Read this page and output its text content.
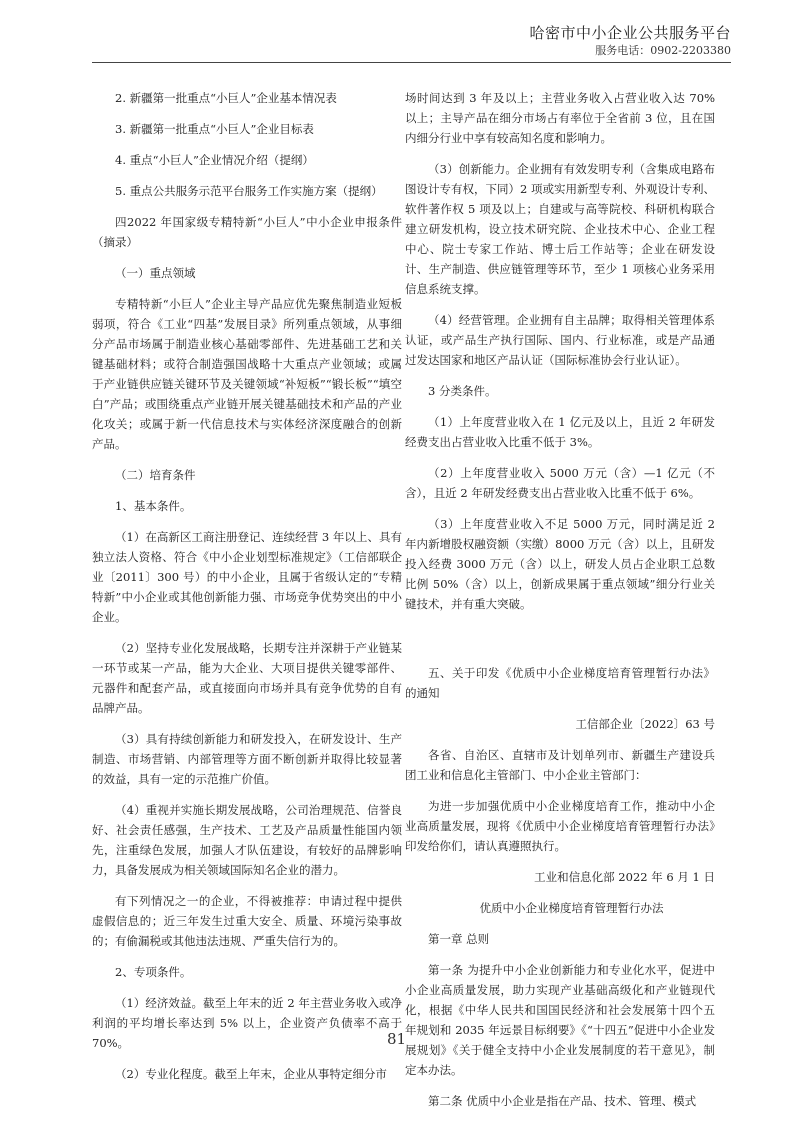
哈密市中小企业公共服务平台
服务电话：0902-2203380

2. 新疆第一批重点“小巨人”企业基本情况表

3. 新疆第一批重点“小巨人”企业目标表

4. 重点“小巨人”企业情况介绍（提纲）

5. 重点公共服务示范平台服务工作实施方案（提纲）

四2022 年国家级专精特新“小巨人”中小企业申报条件（摘录）

（一）重点领域

专精特新“小巨人”企业主导产品应优先聚焦制造业短板弱项，符合《工业“四基”发展目录》所列重点领域，从事细分产品市场属于制造业核心基础零部件、先进基础工艺和关键基础材料；或符合制造强国战略十大重点产业领域；或属于产业链供应链关键环节及关键领域“补短板”“锻长板”“填空白”产品；或围绕重点产业链开展关键基础技术和产品的产业化攻关；或属于新一代信息技术与实体经济深度融合的创新产品。

（二）培育条件

1、基本条件。

（1）在高新区工商注册登记、连续经营 3 年以上、具有独立法人资格、符合《中小企业划型标准规定》（工信部联企业〔2011〕300 号）的中小企业，且属于省级认定的“专精特新”中小企业或其他创新能力强、市场竞争优势突出的中小企业。

（2）坚持专业化发展战略，长期专注并深耕于产业链某一环节或某一产品，能为大企业、大项目提供关键零部件、元器件和配套产品，或直接面向市场并具有竞争优势的自有品牌产品。

（3）具有持续创新能力和研发投入，在研发设计、生产制造、市场营销、内部管理等方面不断创新并取得比较显著的效益，具有一定的示范推广价值。

（4）重视并实施长期发展战略，公司治理规范、信誉良好、社会责任感强，生产技术、工艺及产品质量性能国内领先，注重绿色发展，加强人才队伍建设，有较好的品牌影响力，具备发展成为相关领域国际知名企业的潜力。

有下列情况之一的企业，不得被推荐：申请过程中提供虚假信息的；近三年发生过重大安全、质量、环境污染事故的；有偷漏税或其他违法违规、严重失信行为的。

2、专项条件。

（1）经济效益。截至上年末的近 2 年主营业务收入或净利润的平均增长率达到 5% 以上，企业资产负债率不高于 70%。

（2）专业化程度。截至上年末，企业从事特定细分市

场时间达到 3 年及以上；主营业务收入占营业收入达 70% 以上；主导产品在细分市场占有率位于全省前 3 位，且在国内细分行业中享有较高知名度和影响力。

（3）创新能力。企业拥有有效发明专利（含集成电路布图设计专有权，下同）2 项或实用新型专利、外观设计专利、软件著作权 5 项及以上；自建或与高等院校、科研机构联合建立研发机构，设立技术研究院、企业技术中心、企业工程中心、院士专家工作站、博士后工作站等；企业在研发设计、生产制造、供应链管理等环节，至少 1 项核心业务采用信息系统支撑。

（4）经营管理。企业拥有自主品牌；取得相关管理体系认证，或产品生产执行国际、国内、行业标准，或是产品通过发达国家和地区产品认证（国际标准协会行业认证）。

3 分类条件。

（1）上年度营业收入在 1 亿元及以上，且近 2 年研发经费支出占营业收入比重不低于 3%。

（2）上年度营业收入 5000 万元（含）—1 亿元（不含），且近 2 年研发经费支出占营业收入比重不低于 6%。

（3）上年度营业收入不足 5000 万元，同时满足近 2 年内新增股权融资额（实缴）8000 万元（含）以上，且研发投入经费 3000 万元（含）以上，研发人员占企业职工总数比例 50%（含）以上，创新成果属于重点领域”细分行业关键技术，并有重大突破。

五、关于印发《优质中小企业梯度培育管理暂行办法》的通知

工信部企业〔2022〕63 号

各省、自治区、直辖市及计划单列市、新疆生产建设兵团工业和信息化主管部门、中小企业主管部门：

为进一步加强优质中小企业梯度培育工作，推动中小企业高质量发展，现将《优质中小企业梯度培育管理暂行办法》印发给你们，请认真遵照执行。

工业和信息化部 2022 年 6 月 1 日

优质中小企业梯度培育管理暂行办法

第一章 总则

第一条 为提升中小企业创新能力和专业化水平，促进中小企业高质量发展，助力实现产业基础高级化和产业链现代化，根据《中华人民共和国国民经济和社会发展第十四个五年规划和 2035 年远景目标纲要》《“十四五”促进中小企业发展规划》《关于健全支持中小企业发展制度的若干意见》，制定本办法。

第二条 优质中小企业是指在产品、技术、管理、模式

81
